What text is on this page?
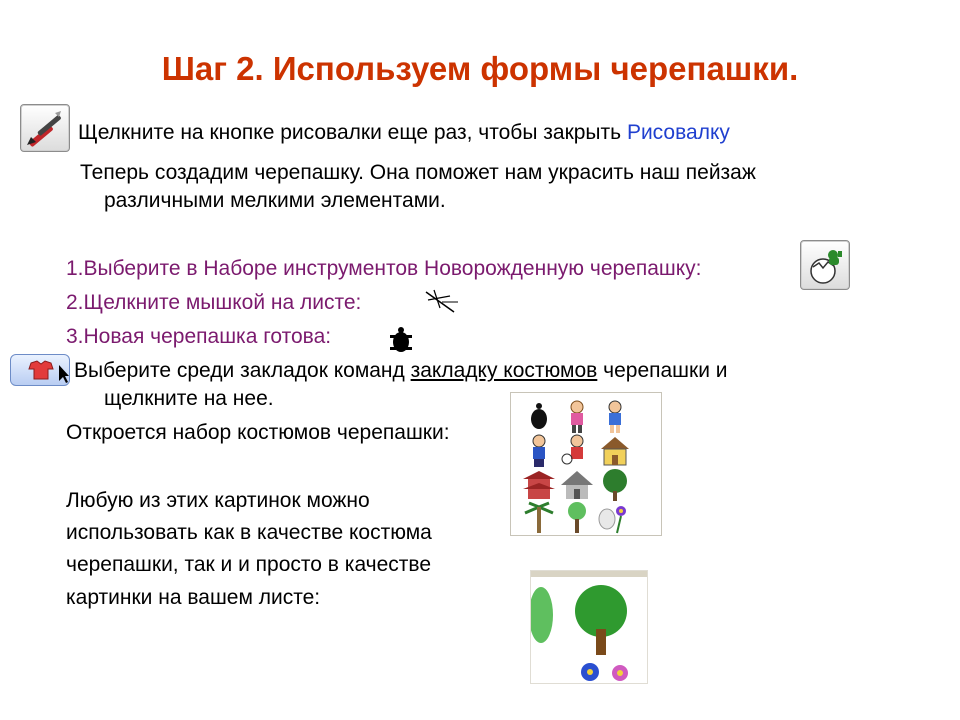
Шаг 2. Используем формы черепашки.
Щелкните на кнопке рисовалки еще раз, чтобы закрыть Рисовалку
Теперь создадим черепашку. Она поможет нам украсить наш пейзаж
различными мелкими элементами.
1.Выберите в Наборе инструментов Новорожденную черепашку:
2.Щелкните мышкой на листе:
3.Новая черепашка готова:
Выберите среди закладок команд закладку костюмов черепашки и
щелкните на нее.
Откроется набор костюмов черепашки:
Любую из этих картинок можно
использовать как в качестве костюма
черепашки, так и и просто в качестве
картинки на вашем листе:
